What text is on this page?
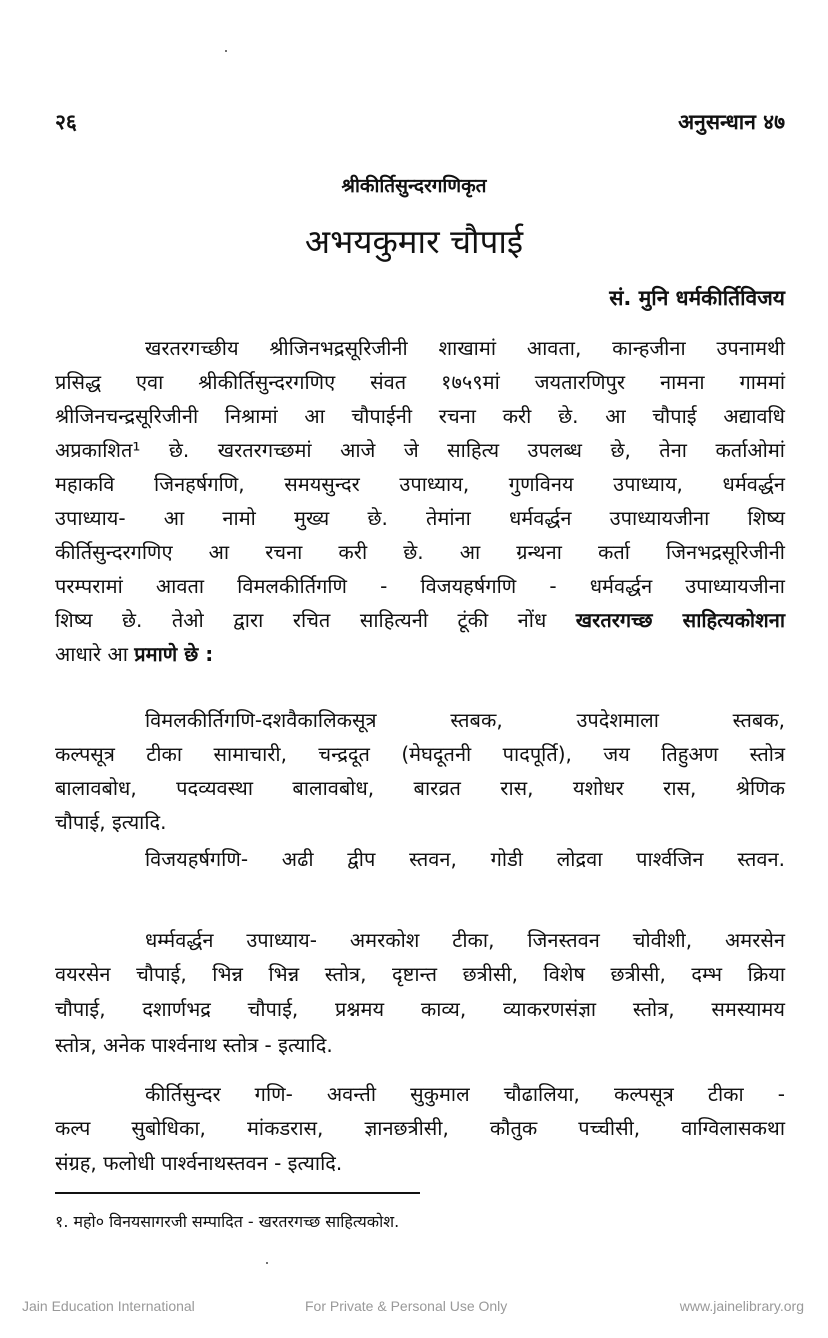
२६	अनुसन्धान ४७
श्रीकीर्तिसुन्दरगणिकृत
अभयकुमार चौपाई
सं. मुनि धर्मकीर्तिविजय
खरतरगच्छीय श्रीजिनभद्रसूरिजीनी शाखामां आवता, कान्हजीना उपनामथी
प्रसिद्ध एवा श्रीकीर्तिसुन्दरगणिए संवत १७५९मां जयतारणिपुर नामना गाममां
श्रीजिनचन्द्रसूरिजीनी निश्रामां आ चौपाईनी रचना करी छे. आ चौपाई अद्यावधि
अप्रकाशित¹ छे. खरतरगच्छमां आजे जे साहित्य उपलब्ध छे, तेना कर्ताओमां
महाकवि जिनहर्षगणि, समयसुन्दर उपाध्याय, गुणविनय उपाध्याय, धर्मवर्द्धन
उपाध्याय- आ नामो मुख्य छे. तेमांना धर्मवर्द्धन उपाध्यायजीना शिष्य
कीर्तिसुन्दरगणिए आ रचना करी छे. आ ग्रन्थना कर्ता जिनभद्रसूरिजीनी
परम्परामां आवता विमलकीर्तिगणि - विजयहर्षगणि - धर्मवर्द्धन उपाध्यायजीना
शिष्य छे. तेओ द्वारा रचित साहित्यनी टूंकी नोंध खरतरगच्छ साहित्यकोशना
आधारे आ प्रमाणे छे :
विमलकीर्तिगणि-दशवैकालिकसूत्र स्तबक, उपदेशमाला स्तबक,
कल्पसूत्र टीका सामाचारी, चन्द्रदूत (मेघदूतनी पादपूर्ति), जय तिहुअण स्तोत्र
बालावबोध, पदव्यवस्था बालावबोध, बारव्रत रास, यशोधर रास, श्रेणिक
चौपाई, इत्यादि.
विजयहर्षगणि- अढी द्वीप स्तवन, गोडी लोद्रवा पार्श्वजिन स्तवन.
धर्म्मवर्द्धन उपाध्याय- अमरकोश टीका, जिनस्तवन चोवीशी, अमरसेन
वयरसेन चौपाई, भिन्न भिन्न स्तोत्र, दृष्टान्त छत्रीसी, विशेष छत्रीसी, दम्भ क्रिया
चौपाई, दशार्णभद्र चौपाई, प्रश्नमय काव्य, व्याकरणसंज्ञा स्तोत्र, समस्यामय
स्तोत्र, अनेक पार्श्वनाथ स्तोत्र - इत्यादि.
कीर्तिसुन्दर गणि- अवन्ती सुकुमाल चौढालिया, कल्पसूत्र टीका -
कल्प सुबोधिका, मांकडरास, ज्ञानछत्रीसी, कौतुक पच्चीसी, वाग्विलासकथा
संग्रह, फलोधी पार्श्वनाथस्तवन - इत्यादि.
१. महो० विनयसागरजी सम्पादित - खरतरगच्छ साहित्यकोश.
Jain Education International	For Private & Personal Use Only	www.jainelibrary.org
